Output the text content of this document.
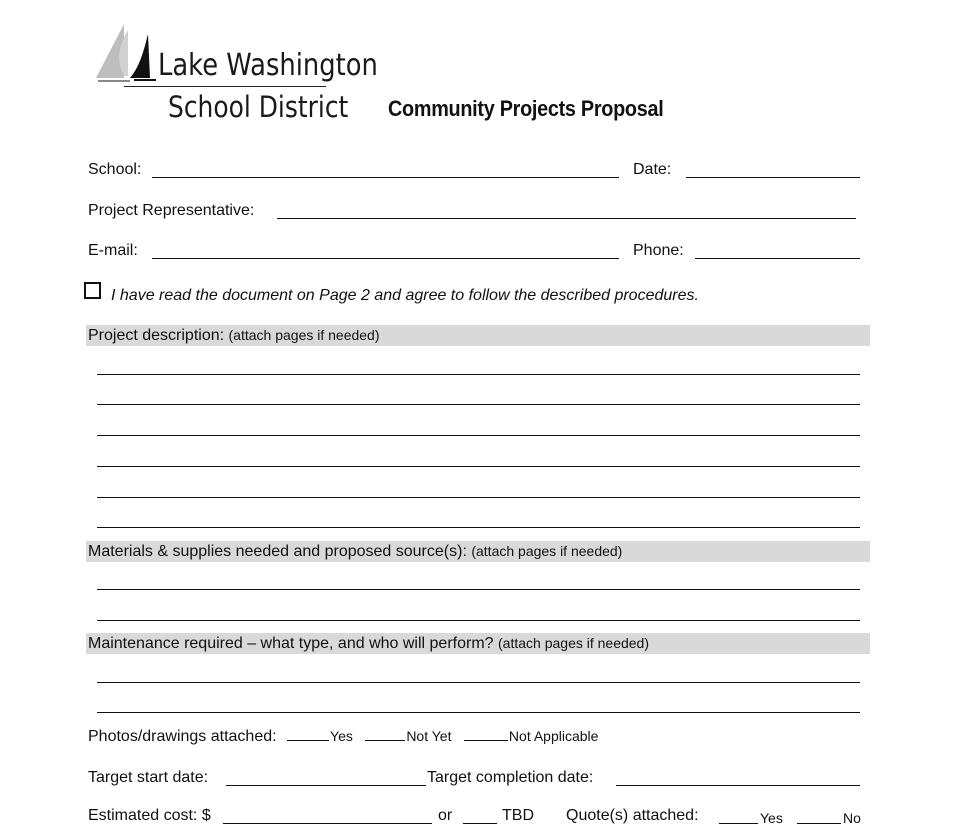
Lake Washington
School District Community Projects Proposal
School:	Date:
Project Representative:
E-mail:	Phone:
I have read the document on Page 2 and agree to follow the described procedures.
Project description: (attach pages if needed)
Materials & supplies needed and proposed source(s): (attach pages if needed)
Maintenance required – what type, and who will perform? (attach pages if needed)
Photos/drawings attached:	Yes	Not Yet	Not Applicable
Target start date:	Target completion date:
Estimated cost: $	or	TBD Quote(s) attached:	Yes	No
